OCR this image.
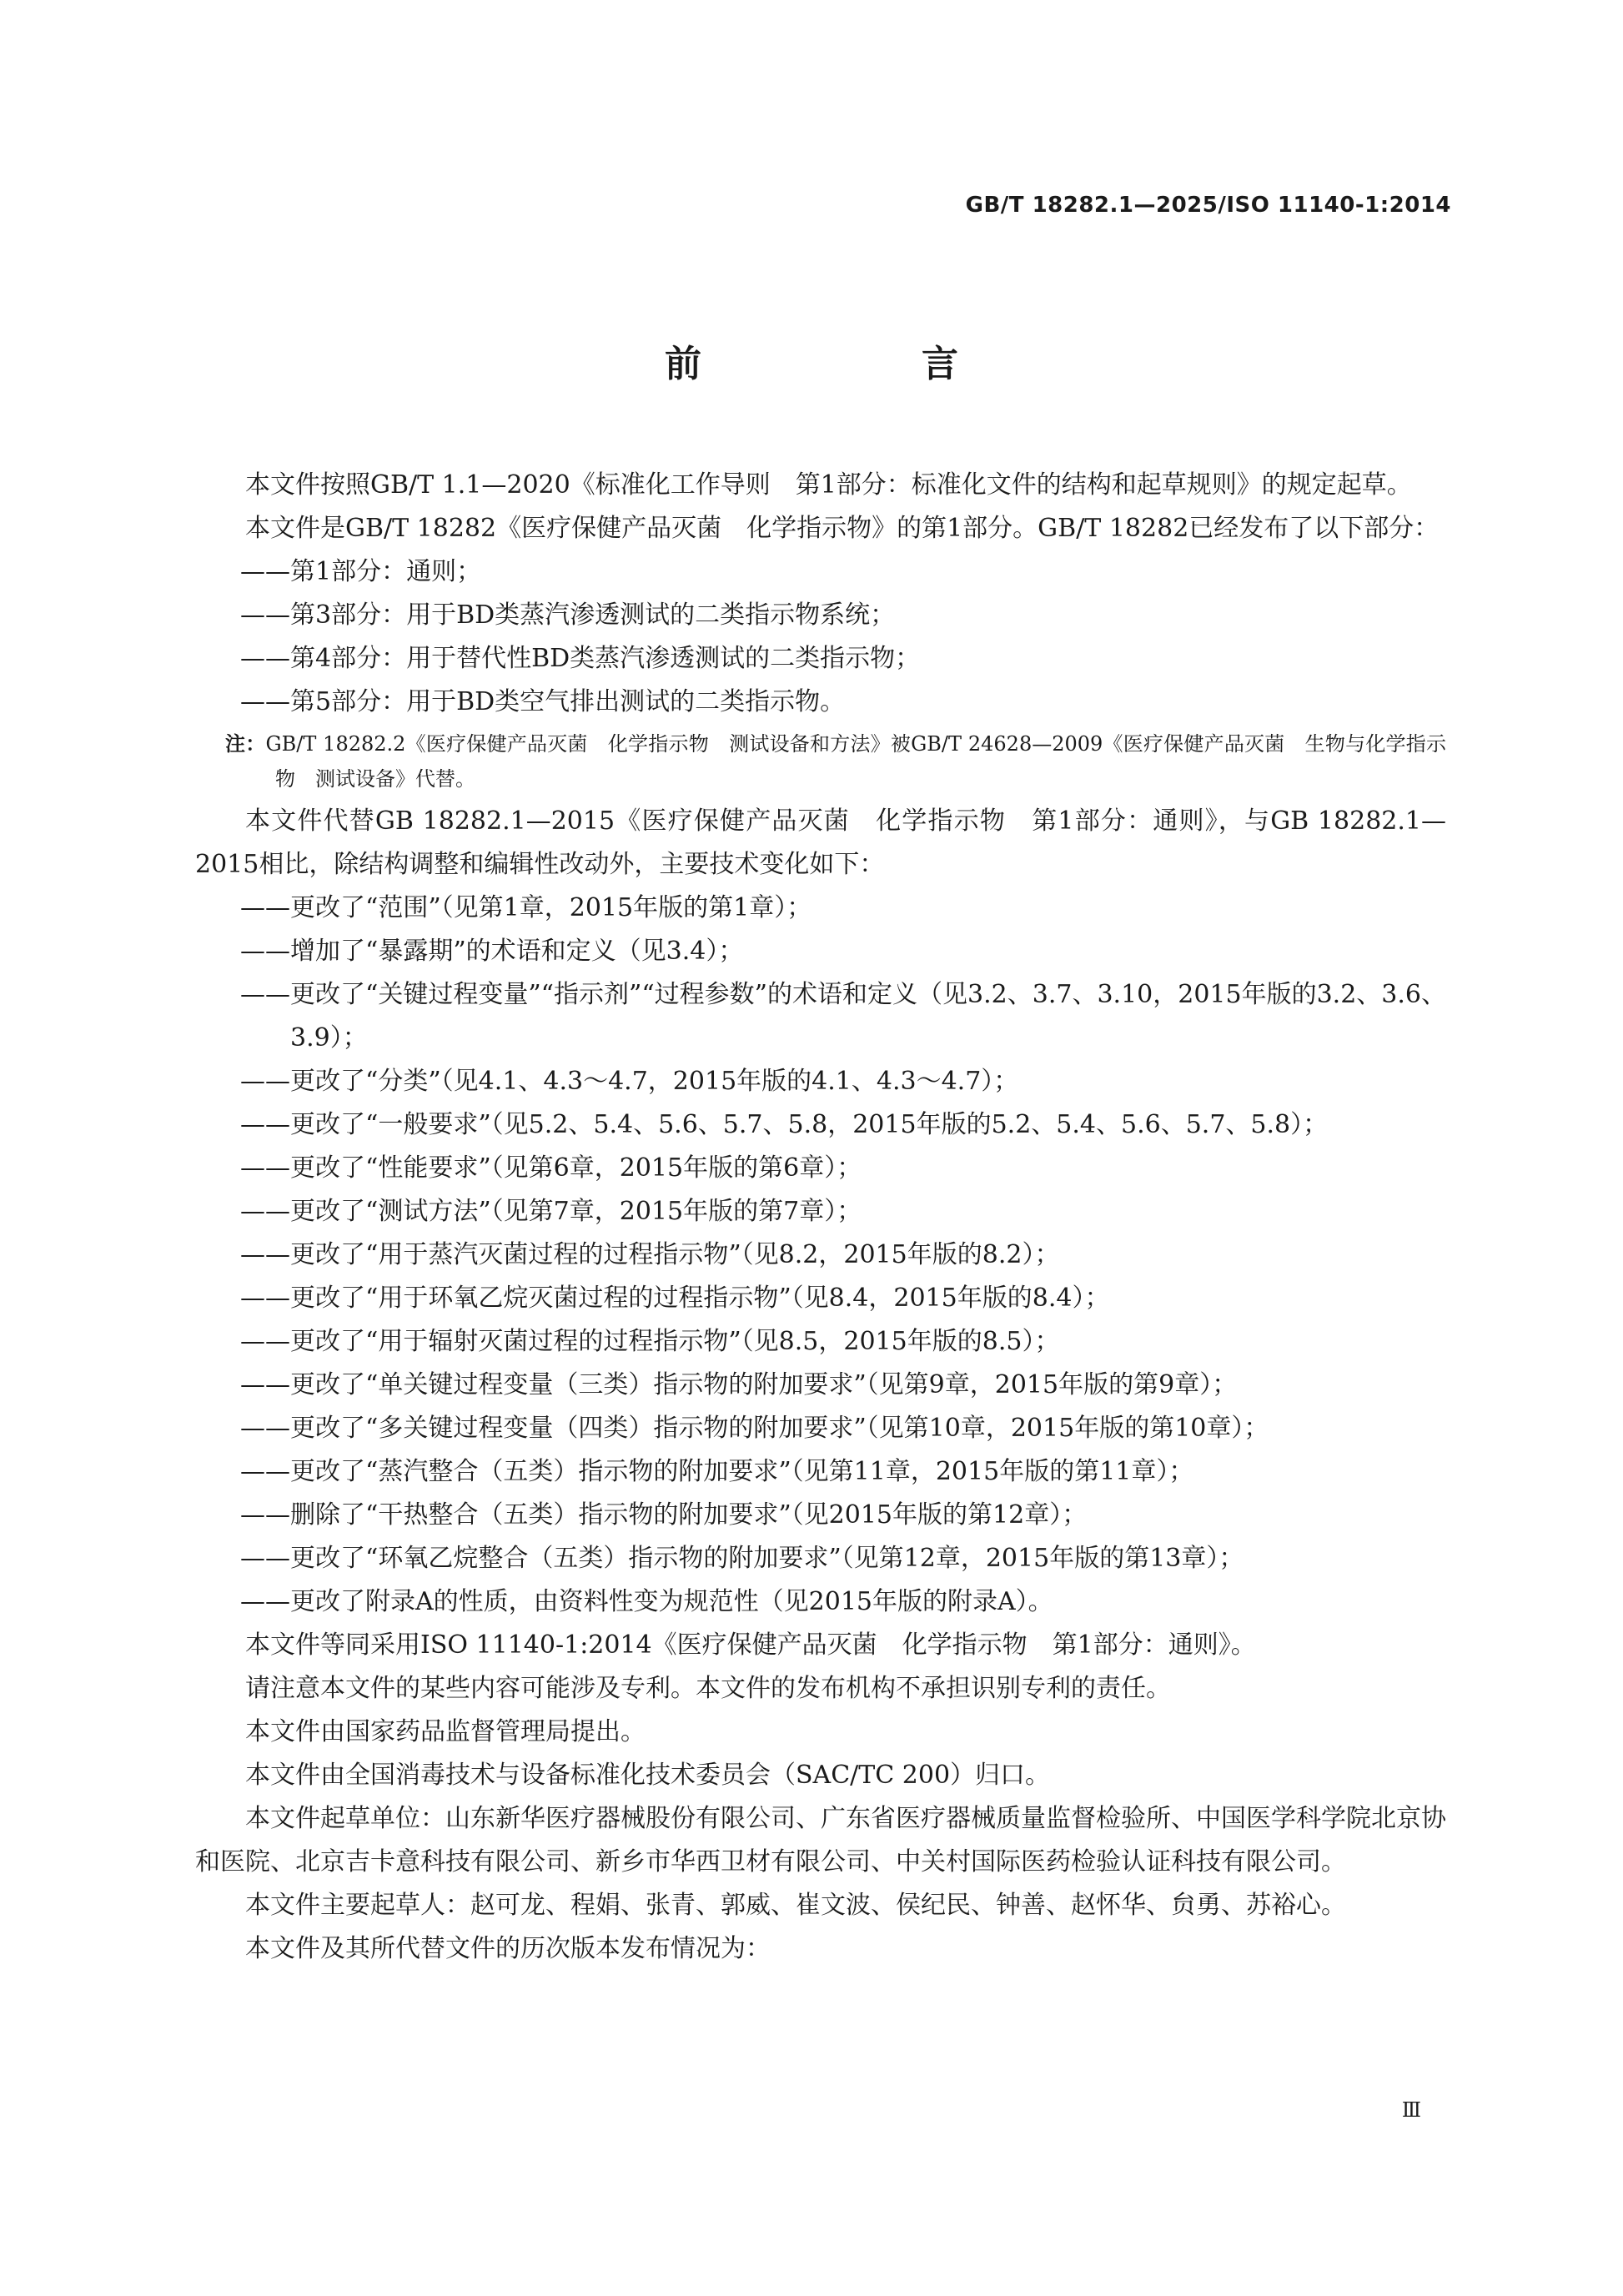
GB/T 18282.1—2025/ISO 11140-1:2014
前　言

本文件按照GB/T 1.1—2020《标准化工作导则　第1部分：标准化文件的结构和起草规则》的规定起草。

本文件是GB/T 18282《医疗保健产品灭菌　化学指示物》的第1部分。GB/T 18282已经发布了以下部分：

——第1部分：通则；

——第3部分：用于BD类蒸汽渗透测试的二类指示物系统；

——第4部分：用于替代性BD类蒸汽渗透测试的二类指示物；

——第5部分：用于BD类空气排出测试的二类指示物。

注：GB/T 18282.2《医疗保健产品灭菌　化学指示物　测试设备和方法》被GB/T 24628—2009《医疗保健产品灭菌　生物与化学指示物　测试设备》代替。

本文件代替GB 18282.1—2015《医疗保健产品灭菌　化学指示物　第1部分：通则》，与GB 18282.1—2015相比，除结构调整和编辑性改动外，主要技术变化如下：

——更改了“范围”（见第1章，2015年版的第1章）；

——增加了“暴露期”的术语和定义（见3.4）；

——更改了“关键过程变量”“指示剂”“过程参数”的术语和定义（见3.2、3.7、3.10，2015年版的3.2、3.6、3.9）；

——更改了“分类”（见4.1、4.3～4.7，2015年版的4.1、4.3～4.7）；

——更改了“一般要求”（见5.2、5.4、5.6、5.7、5.8，2015年版的5.2、5.4、5.6、5.7、5.8）；

——更改了“性能要求”（见第6章，2015年版的第6章）；

——更改了“测试方法”（见第7章，2015年版的第7章）；

——更改了“用于蒸汽灭菌过程的过程指示物”（见8.2，2015年版的8.2）；

——更改了“用于环氧乙烷灭菌过程的过程指示物”（见8.4，2015年版的8.4）；

——更改了“用于辐射灭菌过程的过程指示物”（见8.5，2015年版的8.5）；

——更改了“单关键过程变量（三类）指示物的附加要求”（见第9章，2015年版的第9章）；

——更改了“多关键过程变量（四类）指示物的附加要求”（见第10章，2015年版的第10章）；

——更改了“蒸汽整合（五类）指示物的附加要求”（见第11章，2015年版的第11章）；

——删除了“干热整合（五类）指示物的附加要求”（见2015年版的第12章）；

——更改了“环氧乙烷整合（五类）指示物的附加要求”（见第12章，2015年版的第13章）；

——更改了附录A的性质，由资料性变为规范性（见2015年版的附录A）。

本文件等同采用ISO 11140-1:2014《医疗保健产品灭菌　化学指示物　第1部分：通则》。

请注意本文件的某些内容可能涉及专利。本文件的发布机构不承担识别专利的责任。

本文件由国家药品监督管理局提出。

本文件由全国消毒技术与设备标准化技术委员会（SAC/TC 200）归口。

本文件起草单位：山东新华医疗器械股份有限公司、广东省医疗器械质量监督检验所、中国医学科学院北京协和医院、北京吉卡意科技有限公司、新乡市华西卫材有限公司、中关村国际医药检验认证科技有限公司。

本文件主要起草人：赵可龙、程娟、张青、郭威、崔文波、侯纪民、钟善、赵怀华、贠勇、苏裕心。

本文件及其所代替文件的历次版本发布情况为：

Ⅲ
